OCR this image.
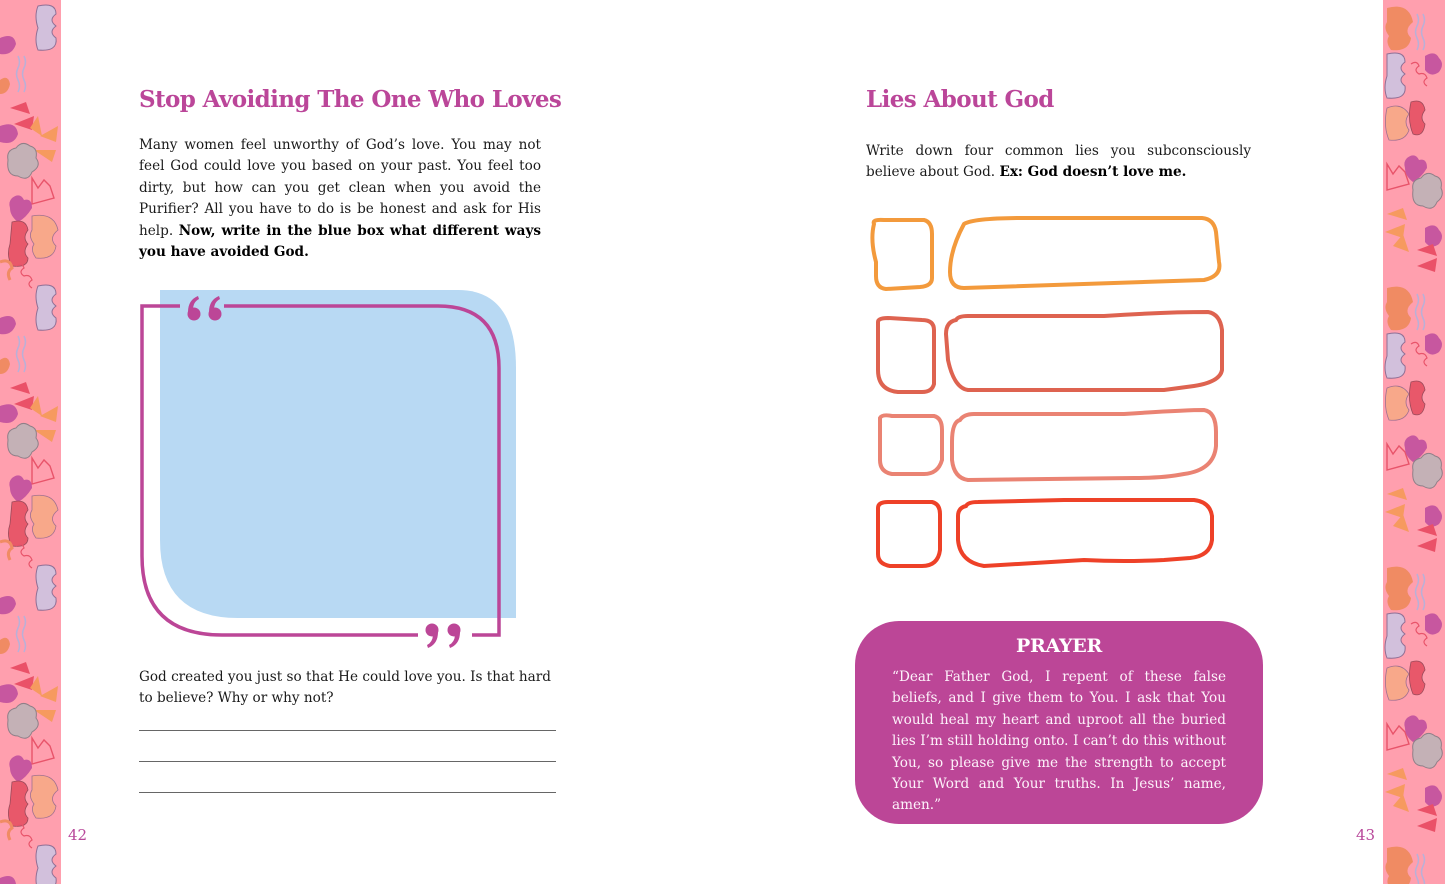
Stop Avoiding The One Who Loves
Many women feel unworthy of God’s love. You may not feel God could love you based on your past. You feel too dirty, but how can you get clean when you avoid the Purifier? All you have to do is be honest and ask for His help. Now, write in the blue box what different ways you have avoided God.
God created you just so that He could love you. Is that hard to believe? Why or why not?
42
Lies About God
Write down four common lies you subconsciously believe about God. Ex: God doesn’t love me.
PRAYER
“Dear Father God, I repent of these false beliefs, and I give them to You. I ask that You would heal my heart and uproot all the buried lies I’m still holding onto. I can’t do this without You, so please give me the strength to accept Your Word and Your truths. In Jesus’ name, amen.”
43
